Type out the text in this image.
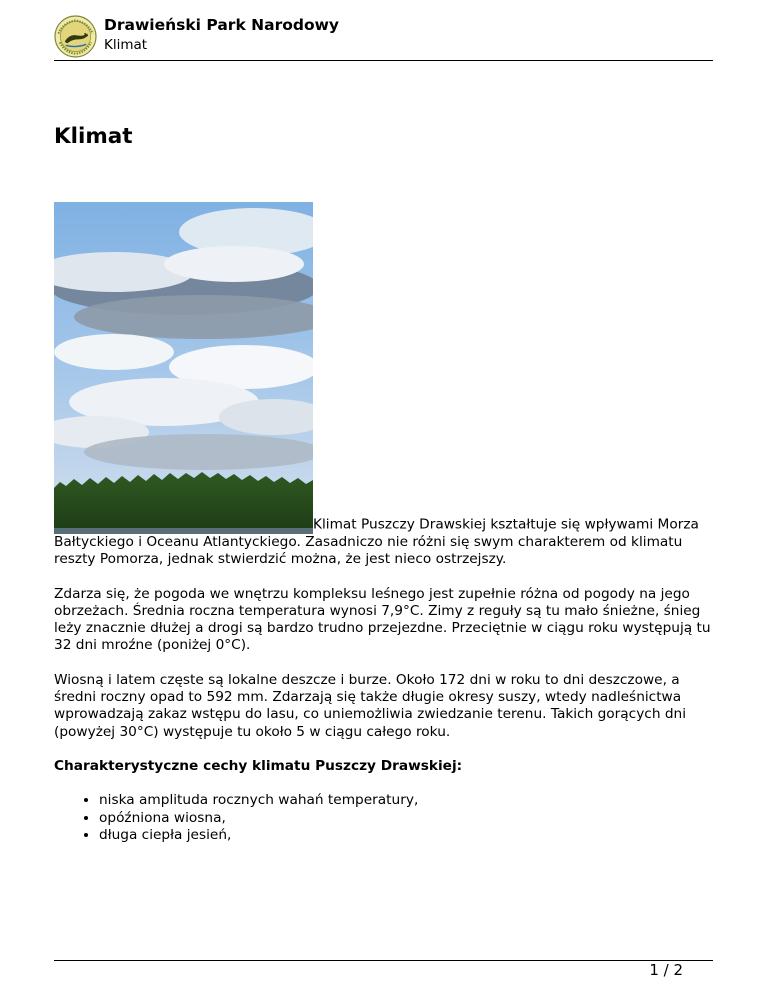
Drawieński Park Narodowy
Klimat
Klimat

Klimat Puszczy Drawskiej kształtuje się wpływami Morza Bałtyckiego i Oceanu Atlantyckiego. Zasadniczo nie różni się swym charakterem od klimatu reszty Pomorza, jednak stwierdzić można, że jest nieco ostrzejszy.

Zdarza się, że pogoda we wnętrzu kompleksu leśnego jest zupełnie różna od pogody na jego obrzeżach. Średnia roczna temperatura wynosi 7,9°C. Zimy z reguły są tu mało śnieżne, śnieg leży znacznie dłużej a drogi są bardzo trudno przejezdne. Przeciętnie w ciągu roku występują tu 32 dni mroźne (poniżej 0°C).

Wiosną i latem częste są lokalne deszcze i burze. Około 172 dni w roku to dni deszczowe, a średni roczny opad to 592 mm. Zdarzają się także długie okresy suszy, wtedy nadleśnictwa wprowadzają zakaz wstępu do lasu, co uniemożliwia zwiedzanie terenu. Takich gorących dni (powyżej 30°C) występuje tu około 5 w ciągu całego roku.

Charakterystyczne cechy klimatu Puszczy Drawskiej:

• niska amplituda rocznych wahań temperatury,
• opóźniona wiosna,
• długa ciepła jesień,
1 / 2
